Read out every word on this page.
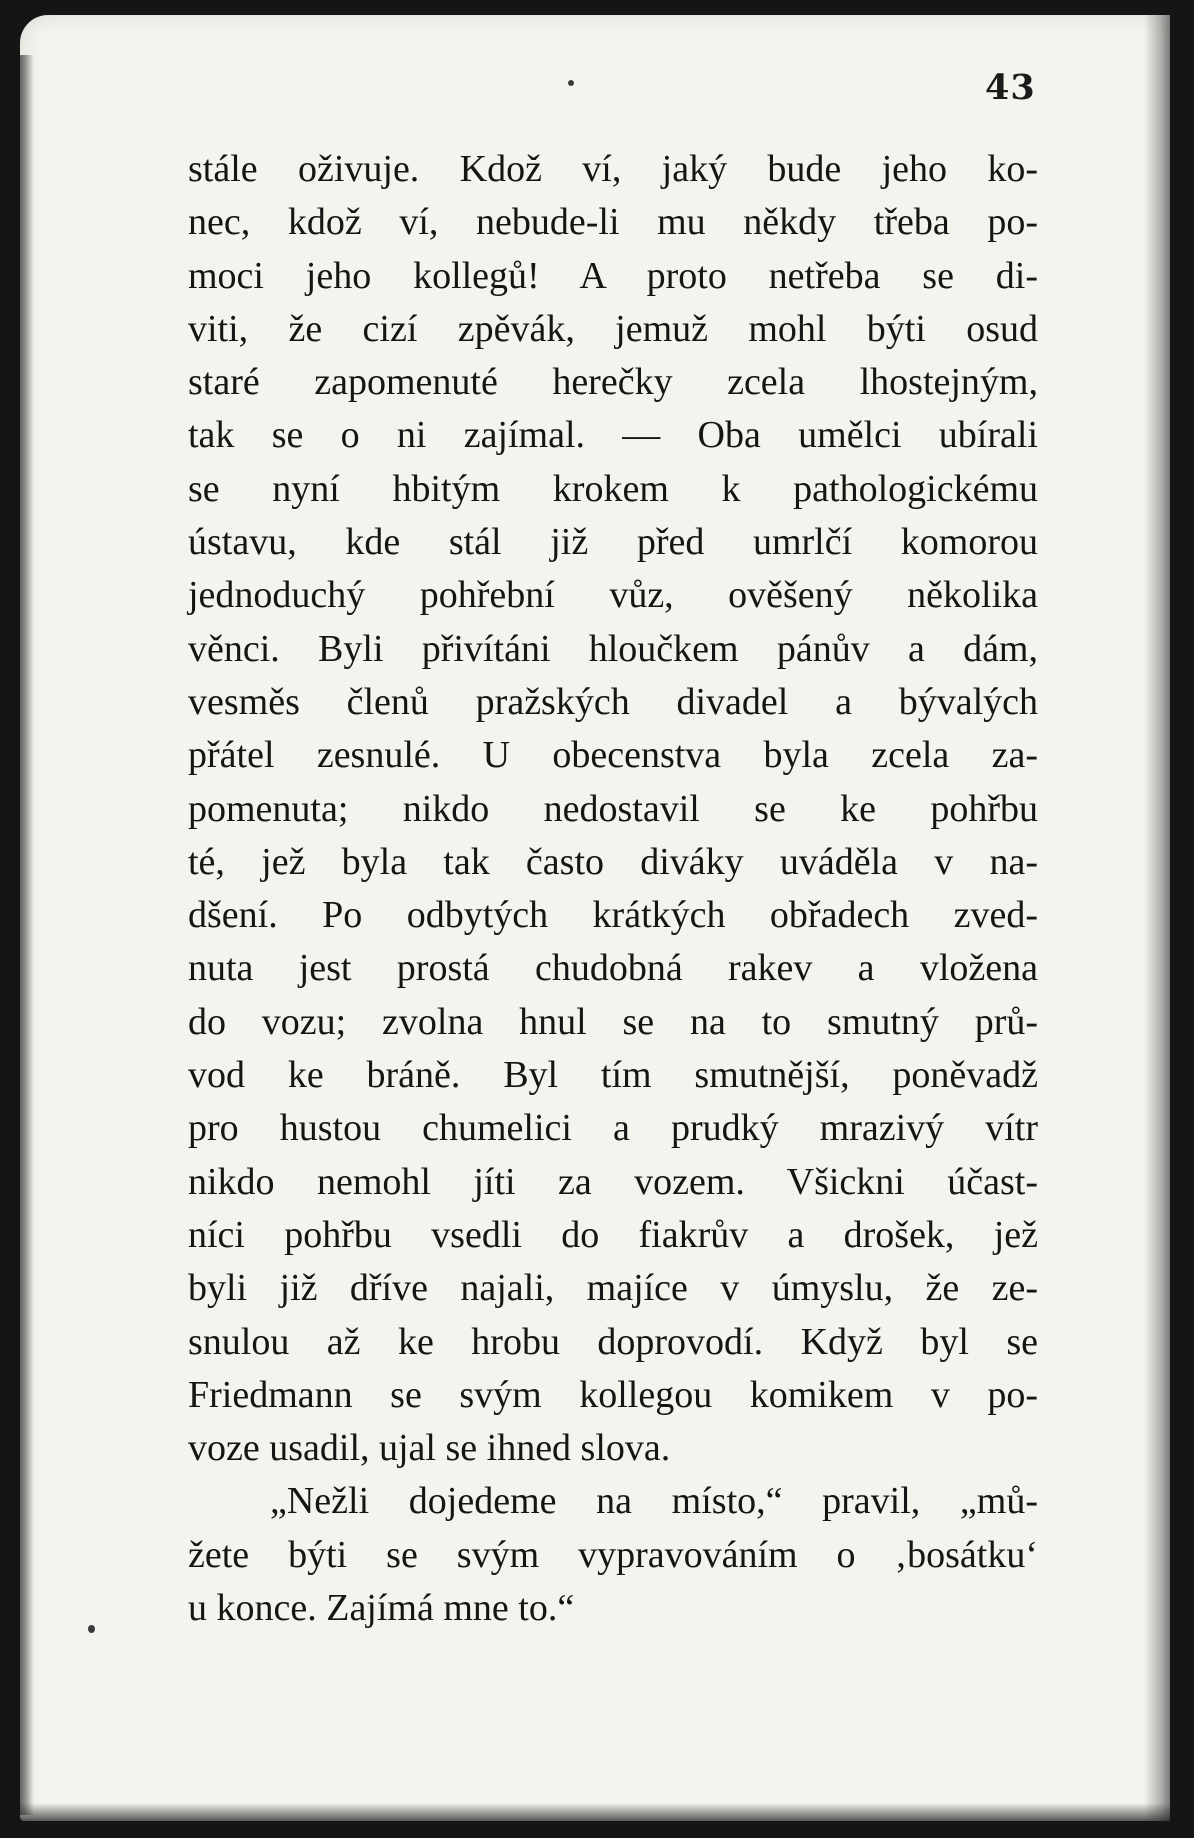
43
stále oživuje. Kdož ví, jaký bude jeho ko-
nec, kdož ví, nebude-li mu někdy třeba po-
moci jeho kollegů! A proto netřeba se di-
viti, že cizí zpěvák, jemuž mohl býti osud
staré zapomenuté herečky zcela lhostejným,
tak se o ni zajímal. — Oba umělci ubírali
se nyní hbitým krokem k pathologickému
ústavu, kde stál již před umrlčí komorou
jednoduchý pohřební vůz, ověšený několika
věnci. Byli přivítáni hloučkem pánův a dám,
vesměs členů pražských divadel a bývalých
přátel zesnulé. U obecenstva byla zcela za-
pomenuta; nikdo nedostavil se ke pohřbu
té, jež byla tak často diváky uváděla v na-
dšení. Po odbytých krátkých obřadech zved-
nuta jest prostá chudobná rakev a vložena
do vozu; zvolna hnul se na to smutný prů-
vod ke bráně. Byl tím smutnější, poněvadž
pro hustou chumelici a prudký mrazivý vítr
nikdo nemohl jíti za vozem. Všickni účast-
níci pohřbu vsedli do fiakrův a drošek, jež
byli již dříve najali, majíce v úmyslu, že ze-
snulou až ke hrobu doprovodí. Když byl se
Friedmann se svým kollegou komikem v po-
voze usadil, ujal se ihned slova.
„Nežli dojedeme na místo,“ pravil, „mů-
žete býti se svým vypravováním o ‚bosátku‘
u konce. Zajímá mne to.“
